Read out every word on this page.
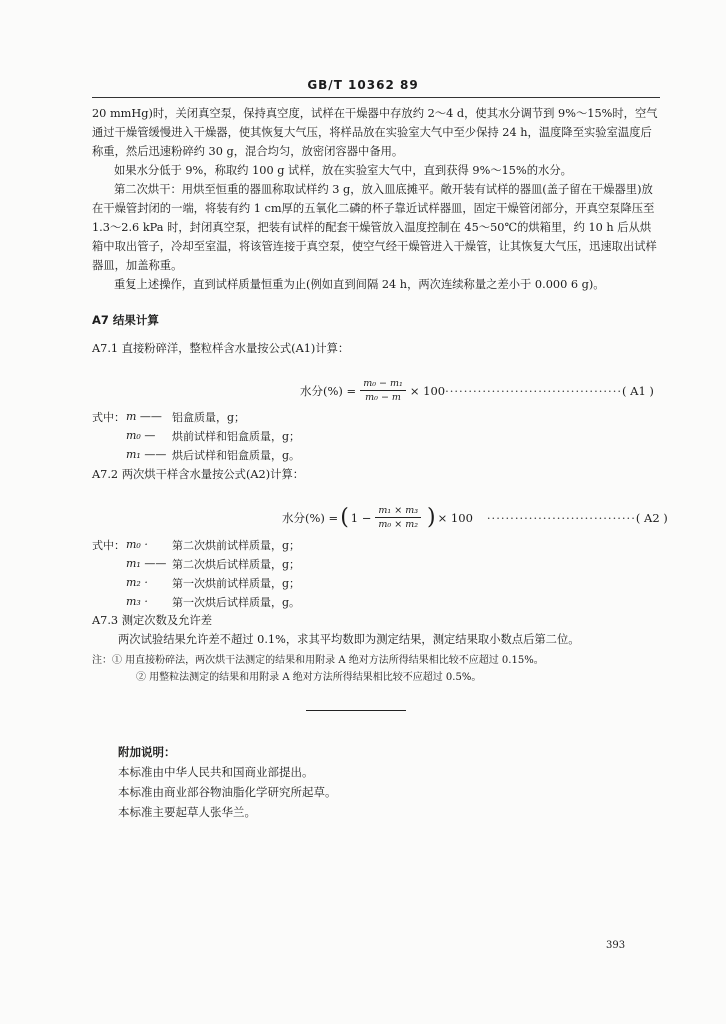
GB/T 10362 89

20 mmHg)时，关闭真空泵，保持真空度，试样在干燥器中存放约 2～4 d，使其水分调节到 9%～15%时，空气通过干燥管缓慢进入干燥器，使其恢复大气压，将样品放在实验室大气中至少保持 24 h，温度降至实验室温度后称重，然后迅速粉碎约 30 g，混合均匀，放密闭容器中备用。

如果水分低于 9%，称取约 100 g 试样，放在实验室大气中，直到获得 9%～15%的水分。

第二次烘干：用烘至恒重的器皿称取试样约 3 g，放入皿底摊平。敞开装有试样的器皿(盖子留在干燥器里)放在干燥管封闭的一端，将装有约 1 cm厚的五氧化二磷的杯子靠近试样器皿，固定干燥管闭部分，开真空泵降压至 1.3～2.6 kPa 时，封闭真空泵，把装有试样的配套干燥管放入温度控制在 45～50℃的烘箱里，约 10 h 后从烘箱中取出管子，冷却至室温，将该管连接于真空泵，使空气经干燥管进入干燥管，让其恢复大气压，迅速取出试样器皿，加盖称重。

重复上述操作，直到试样质量恒重为止(例如直到间隔 24 h，两次连续称量之差小于 0.000 6 g)。

A7 结果计算
A7.1 直接粉碎洋，整粒样含水量按公式(A1)计算：
水分(%) = $\frac{\text{m₀ − m₁}}{\text{m₀ − m}} \times 100$ ······································ ( A1 )
式中： m —— 铝盒质量，g；
m₀ —	烘前试样和铝盒质量，g；
m₁ —— 烘后试样和铝盒质量，g。
A7.2 两次烘干样含水量按公式(A2)计算：
水分(%) = ( $1 - \frac{\text{m₁ × m₃}}{\text{m₀ × m₂}}$ ) × 100 ································ ( A2 )
式中： m₀ ·	第二次烘前试样质量，g；
m₁ —— 第二次烘后试样质量，g；
m₂ ·	第一次烘前试样质量，g；
m₃ ·	第一次烘后试样质量，g。
A7.3 测定次数及允许差
两次试验结果允许差不超过 0.1%，求其平均数即为测定结果，测定结果取小数点后第二位。
注：① 用直接粉碎法，两次烘干法测定的结果和用附录 A 绝对方法所得结果相比较不应超过 0.15%。
② 用整粒法测定的结果和用附录 A 绝对方法所得结果相比较不应超过 0.5%。
附加说明：
本标准由中华人民共和国商业部提出。
本标准由商业部谷物油脂化学研究所起草。
本标准主要起草人张华兰。
393
